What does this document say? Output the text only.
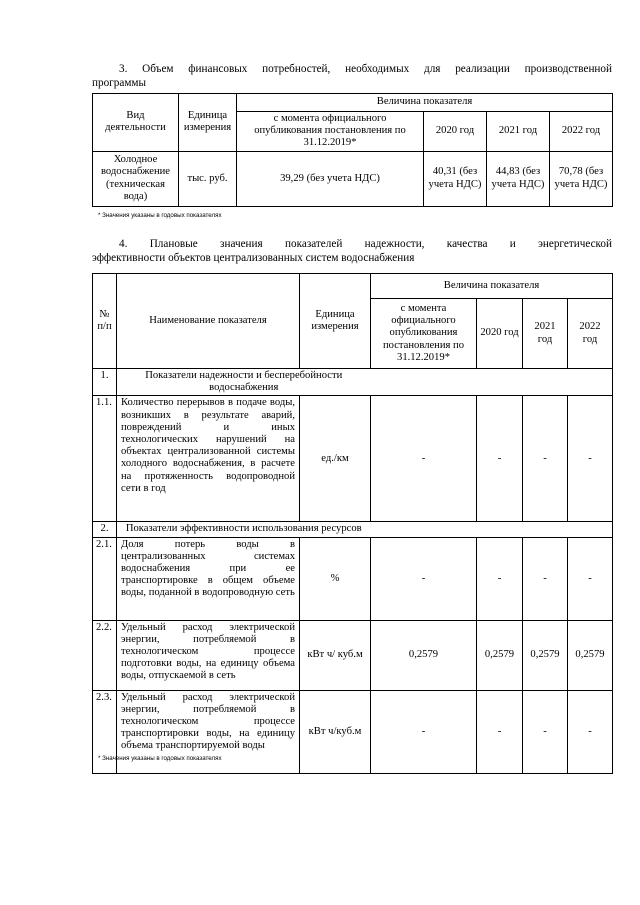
3. Объем финансовых потребностей, необходимых для реализации производственной
программы
Вид деятельности	Единица измерения	Величина показателя			
		с момента официального опубликования постановления по 31.12.2019*	2020 год	2021 год	2022 год
Холодное водоснабжение (техническая вода)	тыс. руб.	39,29 (без учета НДС)	40,31 (без учета НДС)	44,83 (без учета НДС)	70,78 (без учета НДС)
* Значения указаны в годовых показателях
4. Плановые значения показателей надежности, качества и энергетической
эффективности объектов централизованных систем водоснабжения
№ п/п	Наименование показателя	Единица измерения	Величина показателя			
			с момента официального опубликования постановления по 31.12.2019*	2020 год	2021 год	2022 год
1.	Показатели надежности и бесперебойности водоснабжения					
1.1.	Количество перерывов в подаче воды, возникших в результате аварий, повреждений и иных технологических нарушений на объектах централизованной системы холодного водоснабжения, в расчете на протяженность водопроводной сети в год	ед./км	-	-	-	-
2.	Показатели эффективности использования ресурсов					
2.1.	Доля потерь воды в централизованных системах водоснабжения при ее транспортировке в общем объеме воды, поданной в водопроводную сеть	%	-	-	-	-
2.2.	Удельный расход электрической энергии, потребляемой в технологическом процессе подготовки воды, на единицу объема воды, отпускаемой в сеть	кВт ч/ куб.м	0,2579	0,2579	0,2579	0,2579
2.3.	Удельный расход электрической энергии, потребляемой в технологическом процессе транспортировки воды, на единицу объема транспортируемой воды	кВт ч/куб.м	-	-	-	-
* Значения указаны в годовых показателях
